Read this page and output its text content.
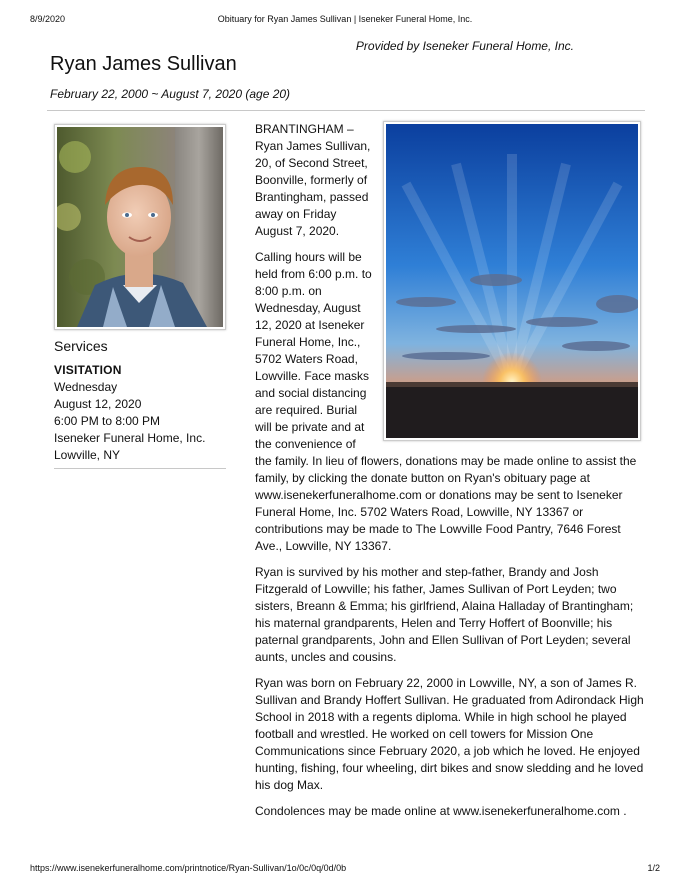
8/9/2020	Obituary for Ryan James Sullivan | Iseneker Funeral Home, Inc.
Provided by Iseneker Funeral Home, Inc.
Ryan James Sullivan
February 22, 2000 ~ August 7, 2020 (age 20)
Services
VISITATION
Wednesday
August 12, 2020
6:00 PM to 8:00 PM
Iseneker Funeral Home, Inc.
Lowville, NY

BRANTINGHAM – Ryan James Sullivan, 20, of Second Street, Boonville, formerly of Brantingham, passed away on Friday August 7, 2020.

Calling hours will be held from 6:00 p.m. to 8:00 p.m. on Wednesday, August 12, 2020 at Iseneker Funeral Home, Inc., 5702 Waters Road, Lowville. Face masks and social distancing are required. Burial will be private and at the convenience of the family. In lieu of flowers, donations may be made online to assist the family, by clicking the donate button on Ryan's obituary page at www.isenekerfuneralhome.com or donations may be sent to Iseneker Funeral Home, Inc. 5702 Waters Road, Lowville, NY 13367 or contributions may be made to The Lowville Food Pantry, 7646 Forest Ave., Lowville, NY 13367.

Ryan is survived by his mother and step-father, Brandy and Josh Fitzgerald of Lowville; his father, James Sullivan of Port Leyden; two sisters, Breann & Emma; his girlfriend, Alaina Halladay of Brantingham; his maternal grandparents, Helen and Terry Hoffert of Boonville; his paternal grandparents, John and Ellen Sullivan of Port Leyden; several aunts, uncles and cousins.

Ryan was born on February 22, 2000 in Lowville, NY, a son of James R. Sullivan and Brandy Hoffert Sullivan. He graduated from Adirondack High School in 2018 with a regents diploma. While in high school he played football and wrestled. He worked on cell towers for Mission One Communications since February 2020, a job which he loved. He enjoyed hunting, fishing, four wheeling, dirt bikes and snow sledding and he loved his dog Max.

Condolences may be made online at www.isenekerfuneralhome.com .

https://www.isenekerfuneralhome.com/printnotice/Ryan-Sullivan/1o/0c/0q/0d/0b	1/2
